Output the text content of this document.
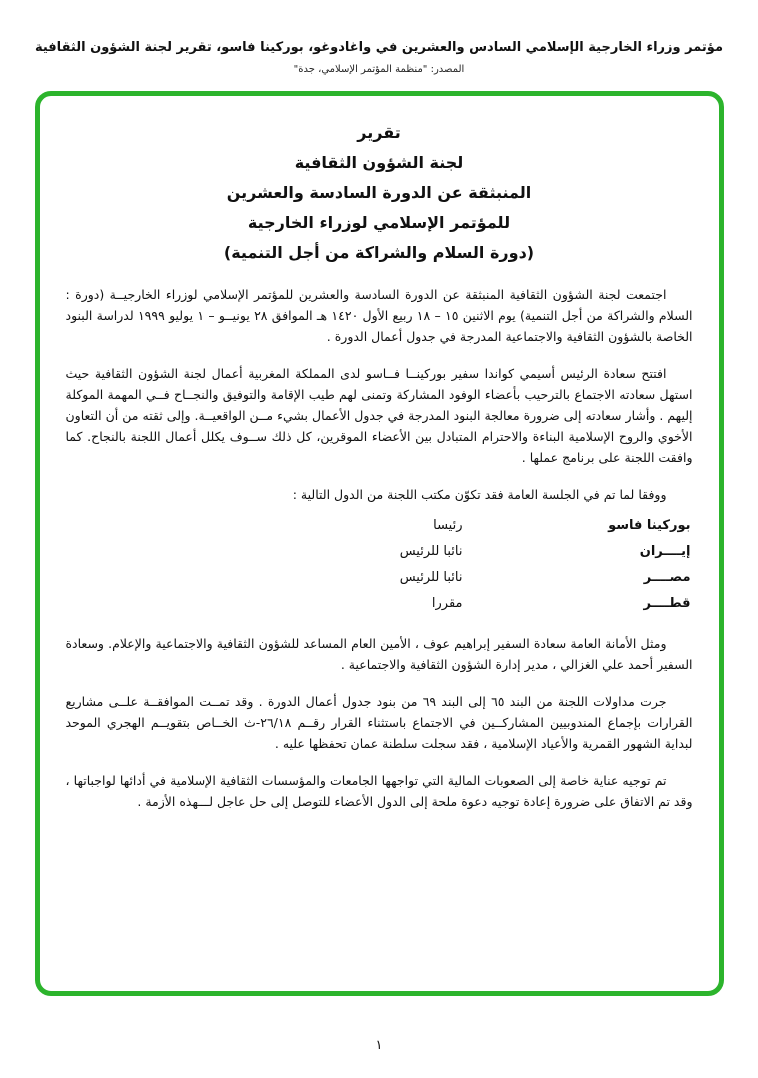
مؤتمر وزراء الخارجية الإسلامي السادس والعشرين في واغادوغو، بوركينا فاسو، تقرير لجنة الشؤون الثقافية
المصدر: "منظمة المؤتمر الإسلامي، جدة"
تقرير
لجنة الشؤون الثقافية
المنبثقة عن الدورة السادسة والعشرين
للمؤتمر الإسلامي لوزراء الخارجية
(دورة السلام والشراكة من أجل التنمية)

اجتمعت لجنة الشؤون الثقافية المنبثقة عن الدورة السادسة والعشرين للمؤتمر الإسلامي لوزراء الخارجيــة (دورة : السلام والشراكة من أجل التنمية) يوم الاثنين ١٥ – ١٨ ربيع الأول ١٤٢٠ هـ الموافق ٢٨ يونيــو – ١ يوليو ١٩٩٩ لدراسة البنود الخاصة بالشؤون الثقافية والاجتماعية المدرجة في جدول أعمال الدورة .

افتتح سعادة الرئيس أسيمي كواندا سفير بوركينــا فــاسو لدى المملكة المغربية أعمال لجنة الشؤون الثقافية حيث استهل سعادته الاجتماع بالترحيب بأعضاء الوفود المشاركة وتمنى لهم طيب الإقامة والتوفيق والنجــاح فــي المهمة الموكلة إليهم . وأشار سعادته إلى ضرورة معالجة البنود المدرجة في جدول الأعمال بشيء مــن الواقعيــة. وإلى ثقته من أن التعاون الأخوي والروح الإسلامية البناءة والاحترام المتبادل بين الأعضاء الموقرين، كل ذلك ســوف يكلل أعمال اللجنة بالنجاح. كما وافقت اللجنة على برنامج عملها .

ووفقا لما تم في الجلسة العامة فقد تكوّن مكتب اللجنة من الدول التالية :

بوركينا فاسو
رئيسا
إيــــران
نائبا للرئيس
مصــــر
نائبا للرئيس
قطــــر
مقررا

ومثل الأمانة العامة سعادة السفير إبراهيم عوف ، الأمين العام المساعد للشؤون الثقافية والاجتماعية والإعلام. وسعادة السفير أحمد علي الغزالي ، مدير إدارة الشؤون الثقافية والاجتماعية .

جرت مداولات اللجنة من البند ٦٥ إلى البند ٦٩ من بنود جدول أعمال الدورة . وقد تمــت الموافقــة علــى مشاريع القرارات بإجماع المندوبيين المشاركــين في الاجتماع باستثناء القرار رقــم ٢٦/١٨-ث الخــاص بتقويــم الهجري الموحد لبداية الشهور القمرية والأعياد الإسلامية ، فقد سجلت سلطنة عمان تحفظها عليه .

تم توجيه عناية خاصة إلى الصعوبات المالية التي تواجهها الجامعات والمؤسسات الثقافية الإسلامية في أدائها لواجباتها ، وقد تم الاتفاق على ضرورة إعادة توجيه دعوة ملحة إلى الدول الأعضاء للتوصل إلى حل عاجل لـــهذه الأزمة .

١
